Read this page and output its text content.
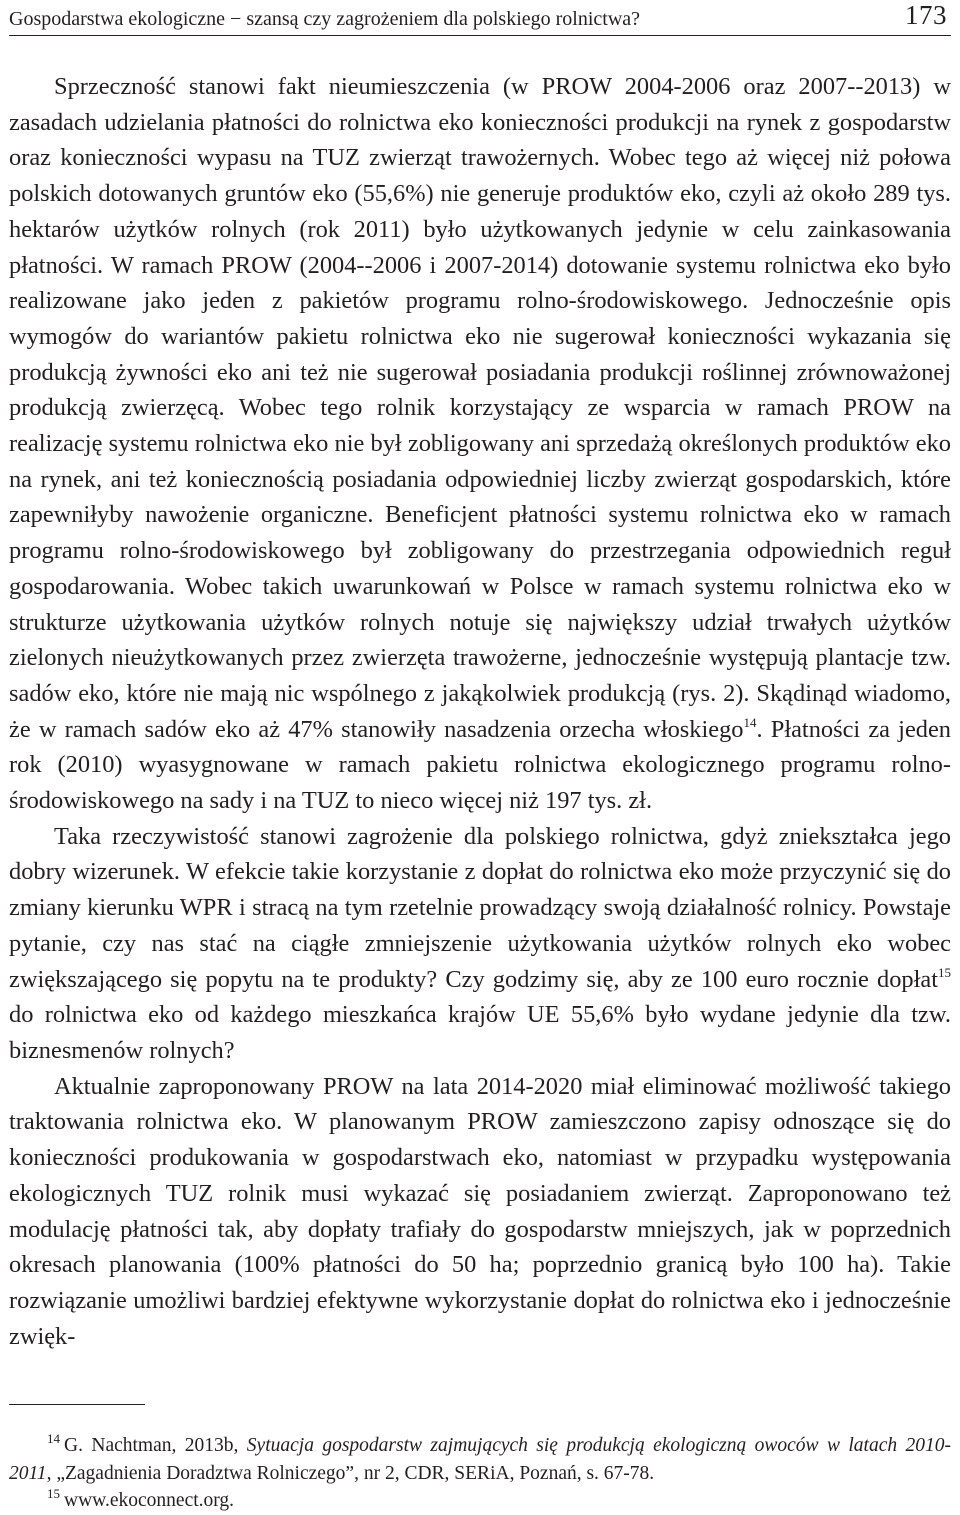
Gospodarstwa ekologiczne − szansą czy zagrożeniem dla polskiego rolnictwa?	173

Sprzeczność stanowi fakt nieumieszczenia (w PROW 2004-2006 oraz 2007--2013) w zasadach udzielania płatności do rolnictwa eko konieczności produkcji na rynek z gospodarstw oraz konieczności wypasu na TUZ zwierząt trawożernych. Wobec tego aż więcej niż połowa polskich dotowanych gruntów eko (55,6%) nie generuje produktów eko, czyli aż około 289 tys. hektarów użytków rolnych (rok 2011) było użytkowanych jedynie w celu zainkasowania płatności. W ramach PROW (2004--2006 i 2007-2014) dotowanie systemu rolnictwa eko było realizowane jako jeden z pakietów programu rolno-środowiskowego. Jednocześnie opis wymogów do wariantów pakietu rolnictwa eko nie sugerował konieczności wykazania się produkcją żywności eko ani też nie sugerował posiadania produkcji roślinnej zrównoważonej produkcją zwierzęcą. Wobec tego rolnik korzystający ze wsparcia w ramach PROW na realizację systemu rolnictwa eko nie był zobligowany ani sprzedażą określonych produktów eko na rynek, ani też koniecznością posiadania odpowiedniej liczby zwierząt gospodarskich, które zapewniłyby nawożenie organiczne. Beneficjent płatności systemu rolnictwa eko w ramach programu rolno-środowiskowego był zobligowany do przestrzegania odpowiednich reguł gospodarowania. Wobec takich uwarunkowań w Polsce w ramach systemu rolnictwa eko w strukturze użytkowania użytków rolnych notuje się największy udział trwałych użytków zielonych nieużytkowanych przez zwierzęta trawożerne, jednocześnie występują plantacje tzw. sadów eko, które nie mają nic wspólnego z jakąkolwiek produkcją (rys. 2). Skądinąd wiadomo, że w ramach sadów eko aż 47% stanowiły nasadzenia orzecha włoskiego$^{14}$. Płatności za jeden rok (2010) wyasygnowane w ramach pakietu rolnictwa ekologicznego programu rolno-środowiskowego na sady i na TUZ to nieco więcej niż 197 tys. zł.

Taka rzeczywistość stanowi zagrożenie dla polskiego rolnictwa, gdyż zniekształca jego dobry wizerunek. W efekcie takie korzystanie z dopłat do rolnictwa eko może przyczynić się do zmiany kierunku WPR i stracą na tym rzetelnie prowadzący swoją działalność rolnicy. Powstaje pytanie, czy nas stać na ciągłe zmniejszenie użytkowania użytków rolnych eko wobec zwiększającego się popytu na te produkty? Czy godzimy się, aby ze 100 euro rocznie dopłat$^{15}$ do rolnictwa eko od każdego mieszkańca krajów UE 55,6% było wydane jedynie dla tzw. biznesmenów rolnych?

Aktualnie zaproponowany PROW na lata 2014-2020 miał eliminować możliwość takiego traktowania rolnictwa eko. W planowanym PROW zamieszczono zapisy odnoszące się do konieczności produkowania w gospodarstwach eko, natomiast w przypadku występowania ekologicznych TUZ rolnik musi wykazać się posiadaniem zwierząt. Zaproponowano też modulację płatności tak, aby dopłaty trafiały do gospodarstw mniejszych, jak w poprzednich okresach planowania (100% płatności do 50 ha; poprzednio granicą było 100 ha). Takie rozwiązanie umożliwi bardziej efektywne wykorzystanie dopłat do rolnictwa eko i jednocześnie zwięk-

$^{14}$ G. Nachtman, 2013b, Sytuacja gospodarstw zajmujących się produkcją ekologiczną owoców w latach 2010-2011, „Zagadnienia Doradztwa Rolniczego”, nr 2, CDR, SERiA, Poznań, s. 67-78.

$^{15}$ www.ekoconnect.org.
